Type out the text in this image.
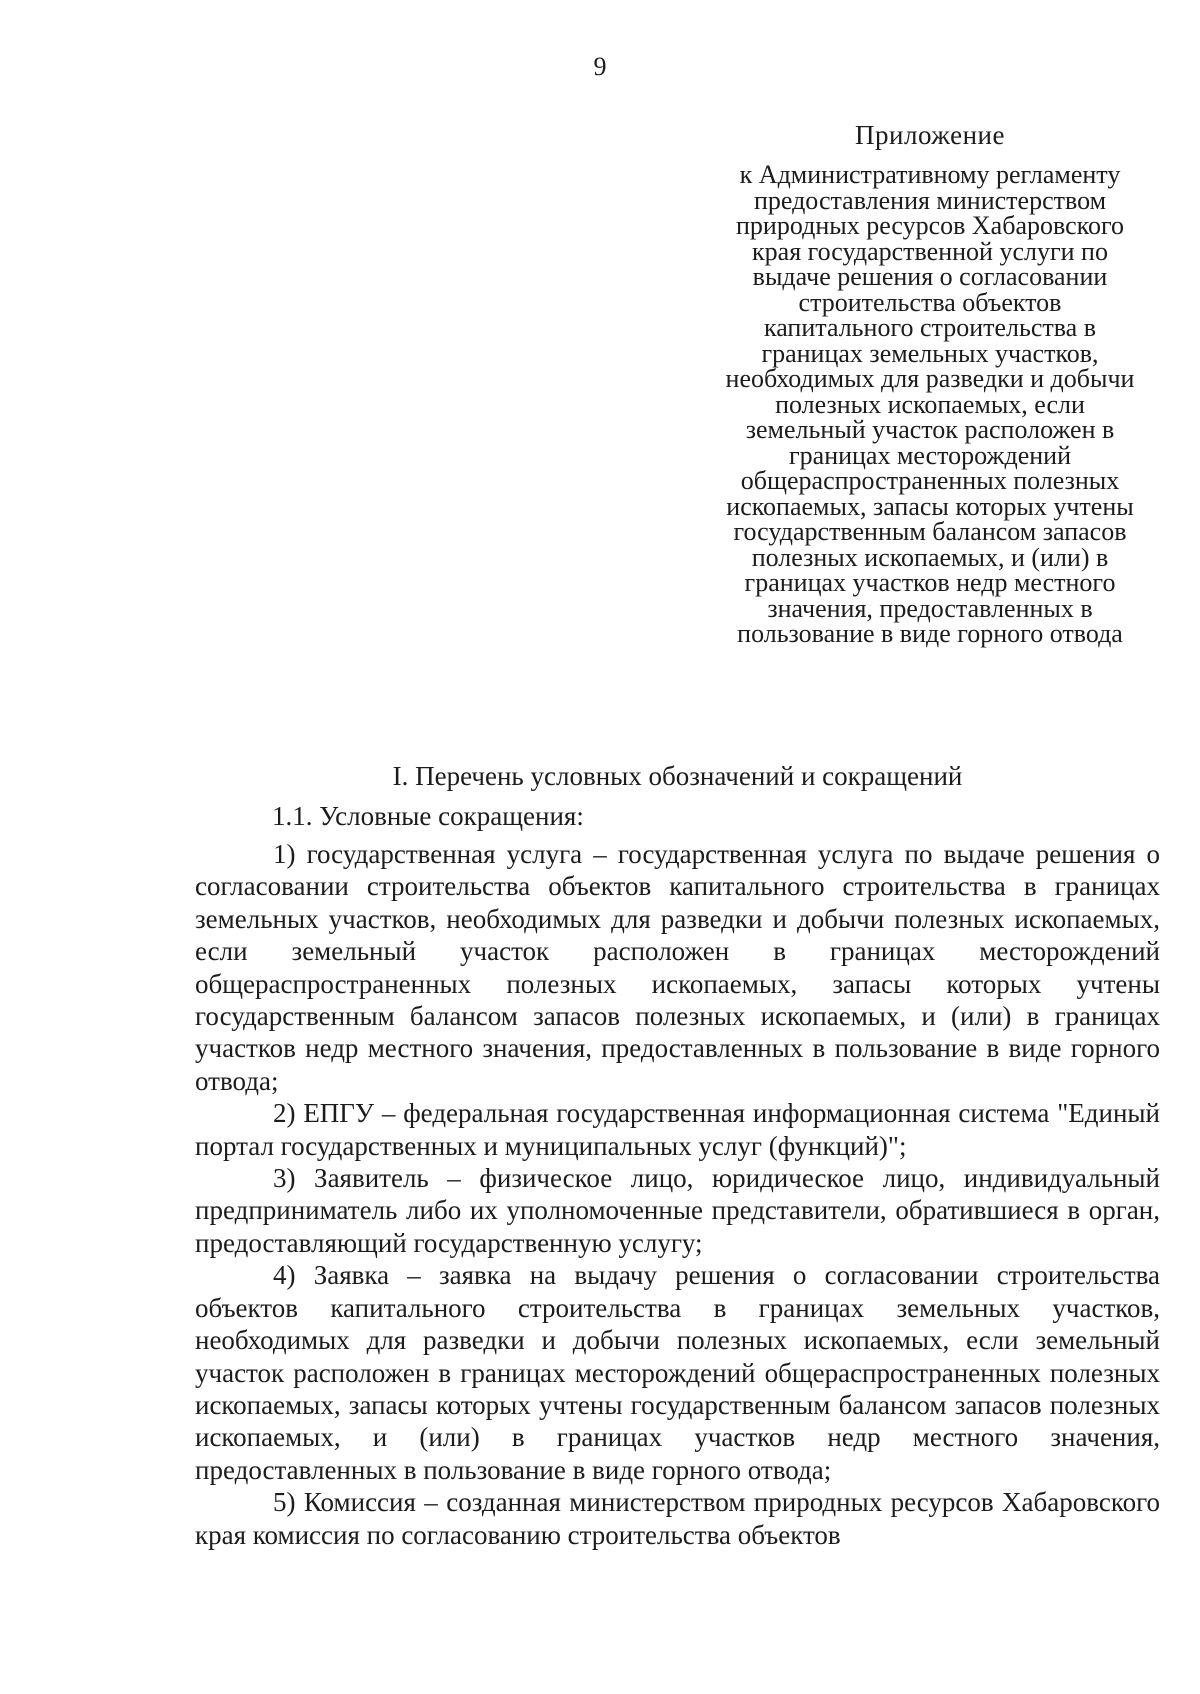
9
Приложение
к Административному регламенту
предоставления министерством
природных ресурсов Хабаровского
края государственной услуги по
выдаче решения о согласовании
строительства объектов
капитального строительства в
границах земельных участков,
необходимых для разведки и добычи
полезных ископаемых, если
земельный участок расположен в
границах месторождений
общераспространенных полезных
ископаемых, запасы которых учтены
государственным балансом запасов
полезных ископаемых, и (или) в
границах участков недр местного
значения, предоставленных в
пользование в виде горного отвода
I. Перечень условных обозначений и сокращений
1.1. Условные сокращения:

1) государственная услуга – государственная услуга по выдаче решения о согласовании строительства объектов капитального строительства в границах земельных участков, необходимых для разведки и добычи полезных ископаемых, если земельный участок расположен в границах месторождений общераспространенных полезных ископаемых, запасы которых учтены государственным балансом запасов полезных ископаемых, и (или) в границах участков недр местного значения, предоставленных в пользование в виде горного отвода;

2) ЕПГУ – федеральная государственная информационная система "Единый портал государственных и муниципальных услуг (функций)";

3) Заявитель – физическое лицо, юридическое лицо, индивидуальный предприниматель либо их уполномоченные представители, обратившиеся в орган, предоставляющий государственную услугу;

4) Заявка – заявка на выдачу решения о согласовании строительства объектов капитального строительства в границах земельных участков, необходимых для разведки и добычи полезных ископаемых, если земельный участок расположен в границах месторождений общераспространенных полезных ископаемых, запасы которых учтены государственным балансом запасов полезных ископаемых, и (или) в границах участков недр местного значения, предоставленных в пользование в виде горного отвода;

5) Комиссия – созданная министерством природных ресурсов Хабаровского края комиссия по согласованию строительства объектов
